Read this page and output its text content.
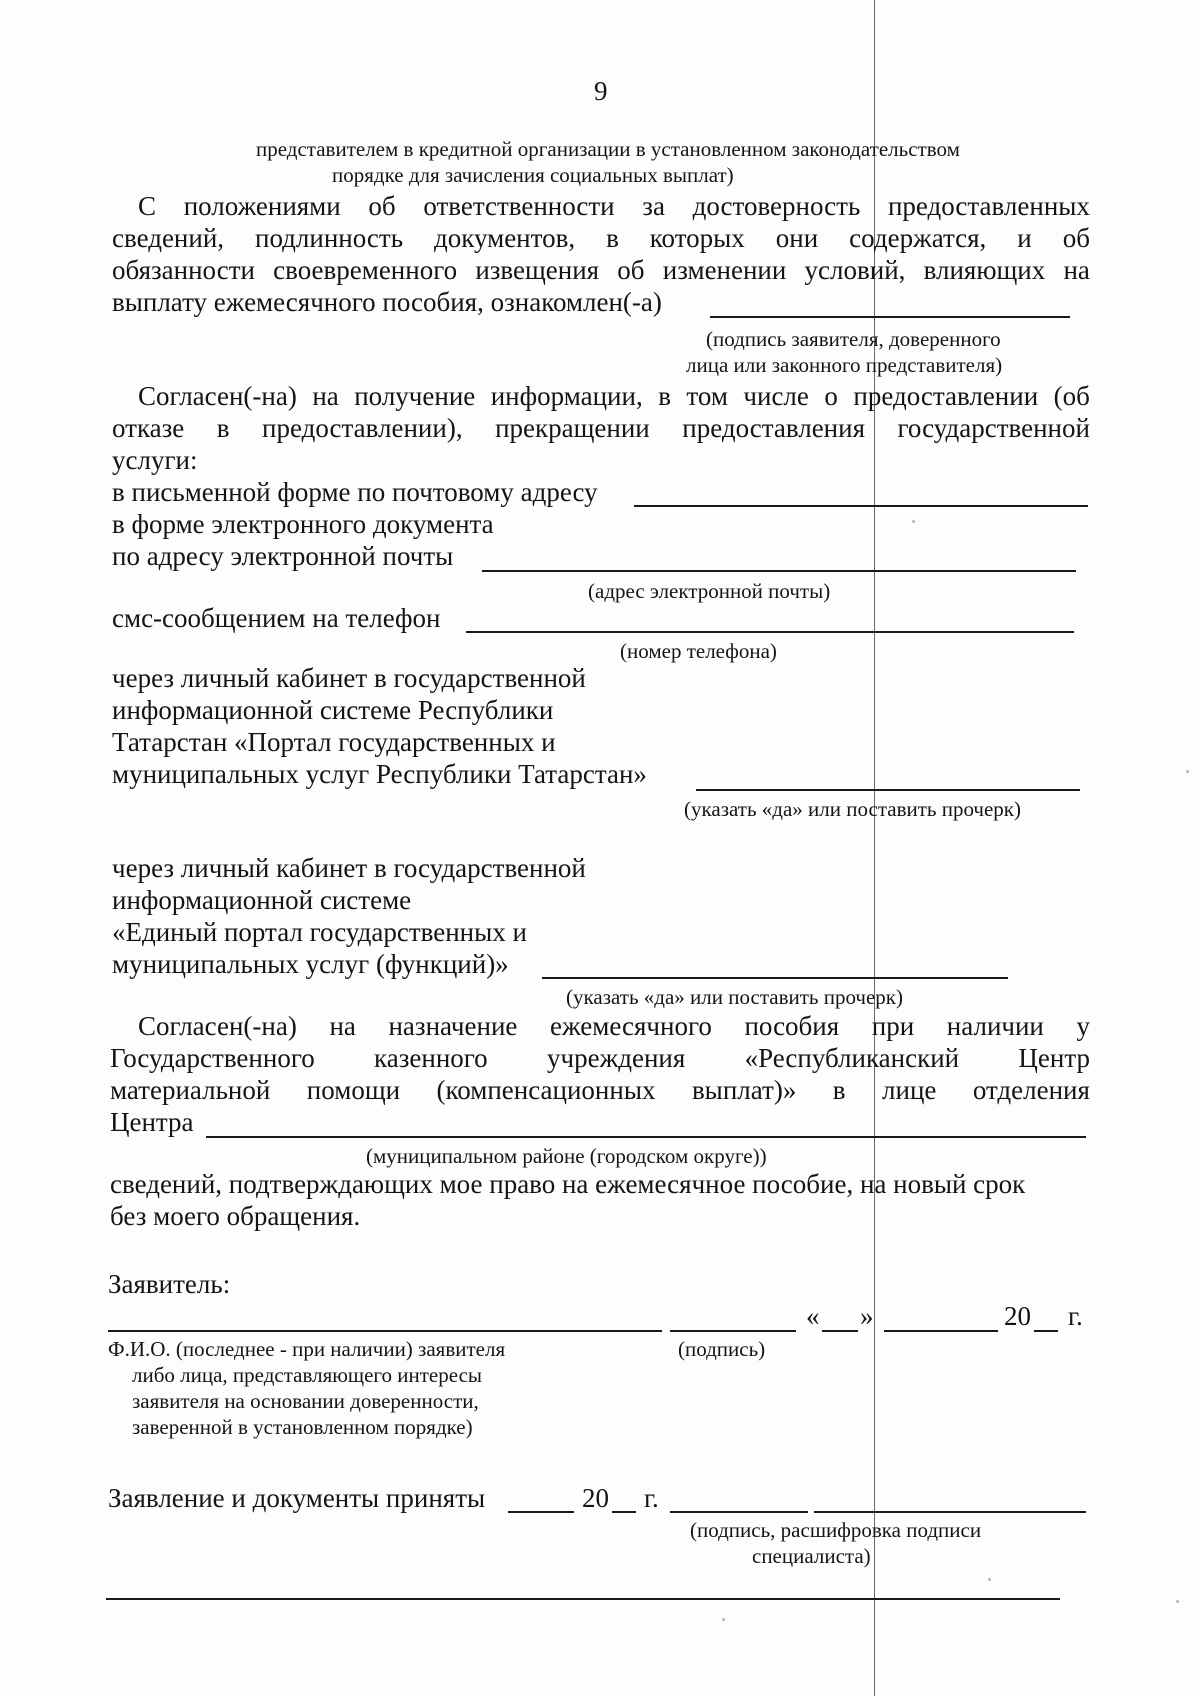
9
представителем в кредитной организации в установленном законодательством
порядке для зачисления социальных выплат)
С положениями об ответственности за достоверность предоставленных
сведений, подлинность документов, в которых они содержатся, и об
обязанности своевременного извещения об изменении условий, влияющих на
выплату ежемесячного пособия, ознакомлен(-а)
(подпись заявителя, доверенного
лица или законного представителя)
Согласен(-на) на получение информации, в том числе о предоставлении (об
отказе в предоставлении), прекращении предоставления государственной
услуги:
в письменной форме по почтовому адресу
в форме электронного документа
по адресу электронной почты
(адрес электронной почты)
смс-сообщением на телефон
(номер телефона)
через личный кабинет в государственной
информационной системе Республики
Татарстан «Портал государственных и
муниципальных услуг Республики Татарстан»
(указать «да» или поставить прочерк)
через личный кабинет в государственной
информационной системе
«Единый портал государственных и
муниципальных услуг (функций)»
(указать «да» или поставить прочерк)
Согласен(-на) на назначение ежемесячного пособия при наличии у
Государственного казенного учреждения «Республиканский Центр
материальной помощи (компенсационных выплат)» в лице отделения
Центра
(муниципальном районе (городском округе))
сведений, подтверждающих мое право на ежемесячное пособие, на новый срок
без моего обращения.
Заявитель:
« »	20 г.
Ф.И.О. (последнее - при наличии) заявителя
либо лица, представляющего интересы
заявителя на основании доверенности,
заверенной в установленном порядке)
(подпись)
Заявление и документы приняты	20 г.
(подпись, расшифровка подписи
специалиста)
